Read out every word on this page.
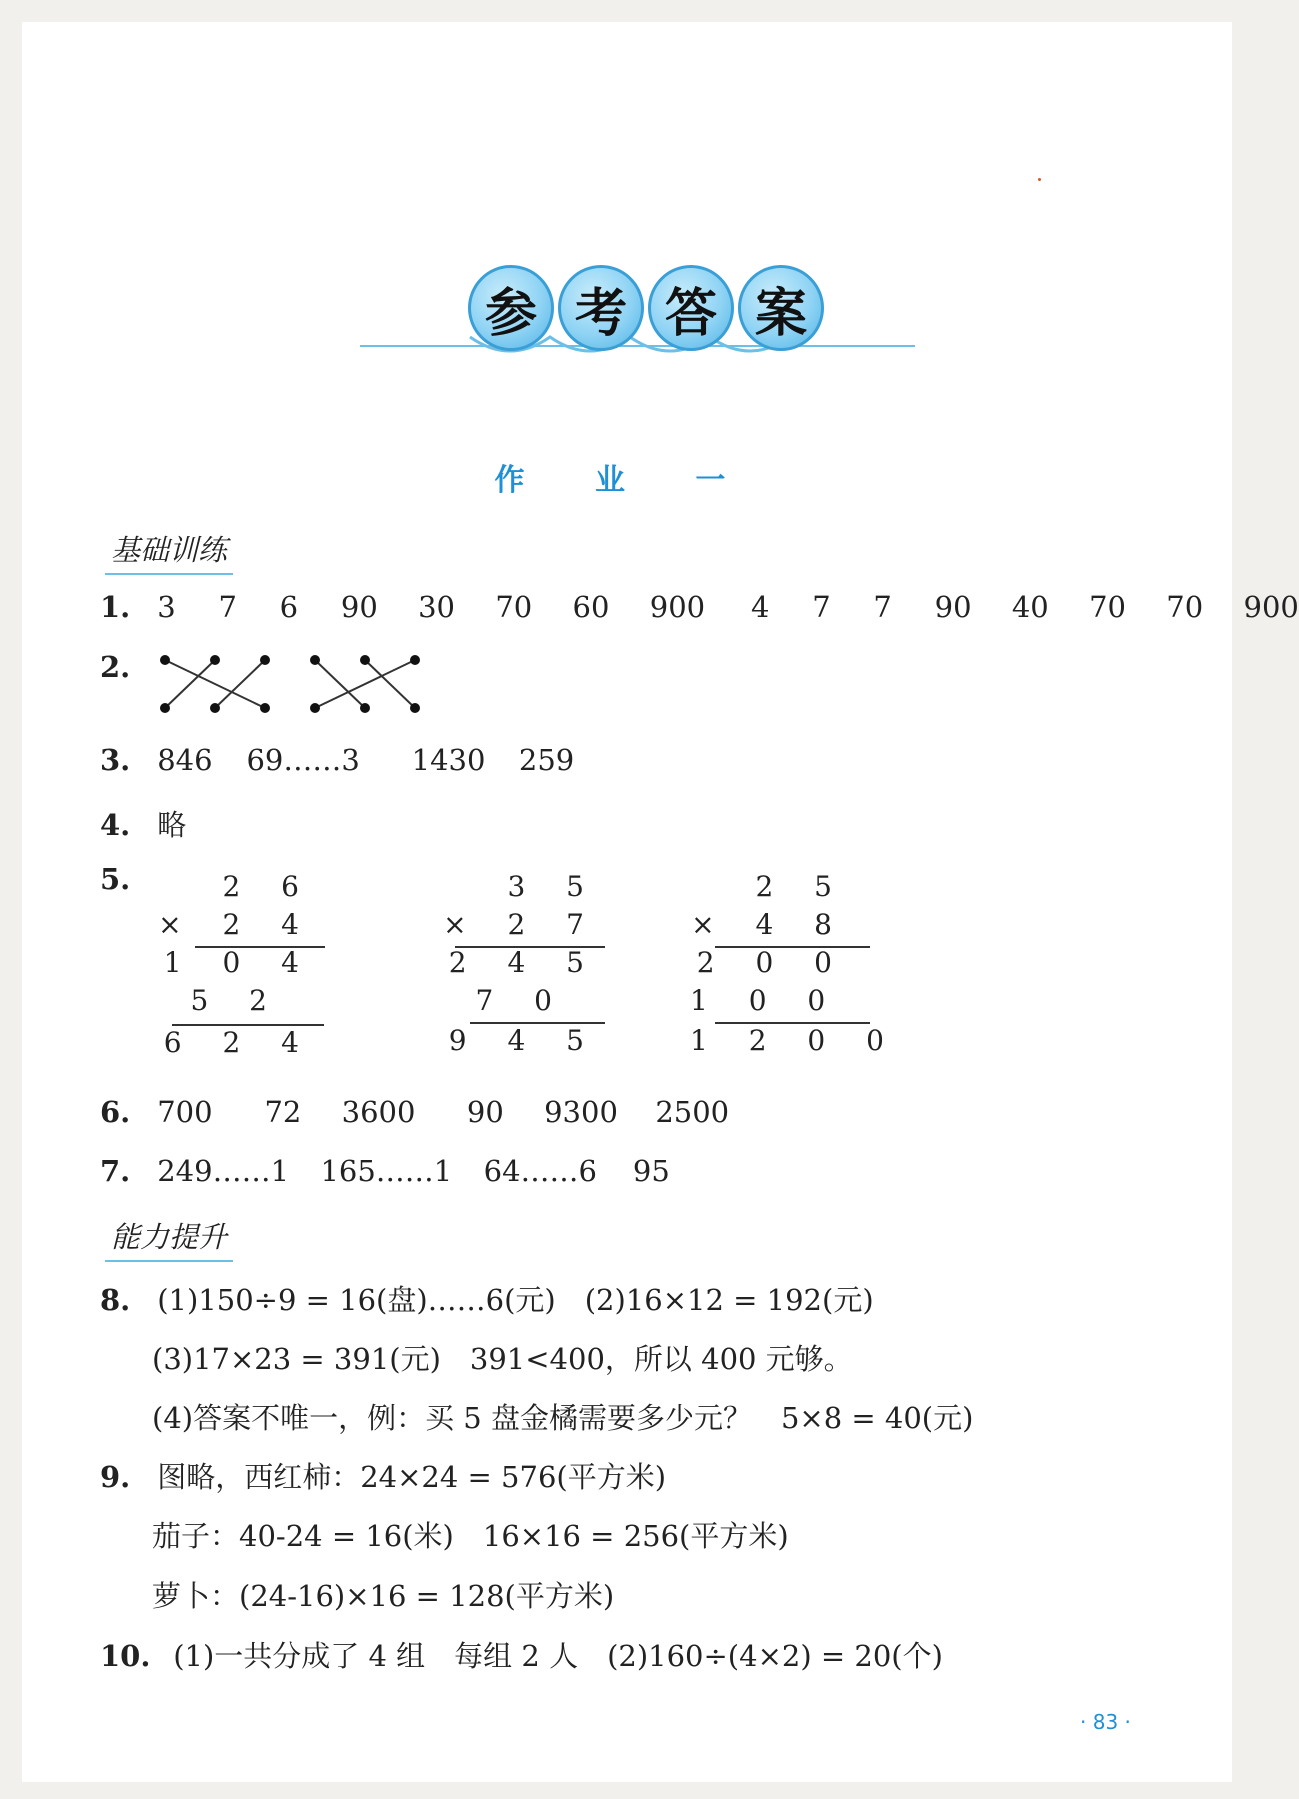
参 考 答 案
作 业 一
基础训练
1. 3 7 6 90 30 70 60 900 4 7 7 90 40 70 70 900
2.
3. 846 69……3 1430 259
4. 略
5.	2 6
× 2 4
1 0 4
5 2
6 2 4
3 5
× 2 7
2 4 5
7 0
9 4 5
2 5
× 4 8
2 0 0
1 0 0
1 2 0 0
6. 700 72 3600 90 9300 2500
7. 249……1 165……1 64……6 95
能力提升
8. (1)150÷9 = 16(盘)……6(元)　(2)16×12 = 192(元)
(3)17×23 = 391(元)　391<400，所以 400 元够。
(4)答案不唯一，例：买 5 盘金橘需要多少元？　5×8 = 40(元)
9. 图略，西红柿：24×24 = 576(平方米)
茄子：40-24 = 16(米)　16×16 = 256(平方米)
萝卜：(24-16)×16 = 128(平方米)
10. (1)一共分成了 4 组　每组 2 人　(2)160÷(4×2) = 20(个)
· 83 ·
